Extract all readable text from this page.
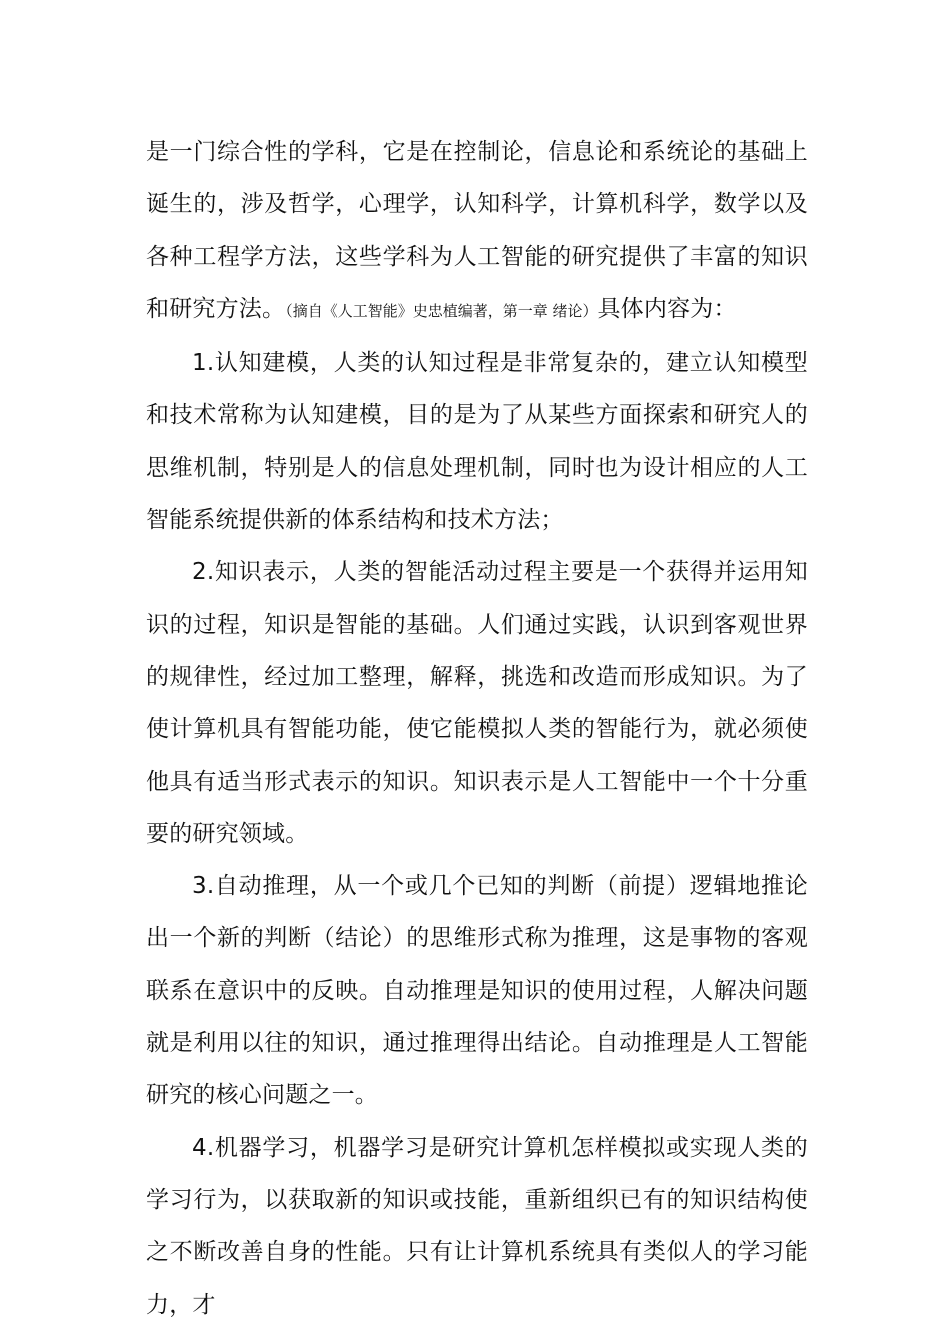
是一门综合性的学科，它是在控制论，信息论和系统论的基础上诞生的，涉及哲学，心理学，认知科学，计算机科学，数学以及各种工程学方法，这些学科为人工智能的研究提供了丰富的知识和研究方法。（摘自《人工智能》史忠植编著，第一章 绪论）具体内容为：

1.认知建模，人类的认知过程是非常复杂的，建立认知模型和技术常称为认知建模，目的是为了从某些方面探索和研究人的思维机制，特别是人的信息处理机制，同时也为设计相应的人工智能系统提供新的体系结构和技术方法；

2.知识表示，人类的智能活动过程主要是一个获得并运用知识的过程，知识是智能的基础。人们通过实践，认识到客观世界的规律性，经过加工整理，解释，挑选和改造而形成知识。为了使计算机具有智能功能，使它能模拟人类的智能行为，就必须使他具有适当形式表示的知识。知识表示是人工智能中一个十分重要的研究领域。

3.自动推理，从一个或几个已知的判断（前提）逻辑地推论出一个新的判断（结论）的思维形式称为推理，这是事物的客观联系在意识中的反映。自动推理是知识的使用过程，人解决问题就是利用以往的知识，通过推理得出结论。自动推理是人工智能研究的核心问题之一。

4.机器学习，机器学习是研究计算机怎样模拟或实现人类的学习行为，以获取新的知识或技能，重新组织已有的知识结构使之不断改善自身的性能。只有让计算机系统具有类似人的学习能力，才
